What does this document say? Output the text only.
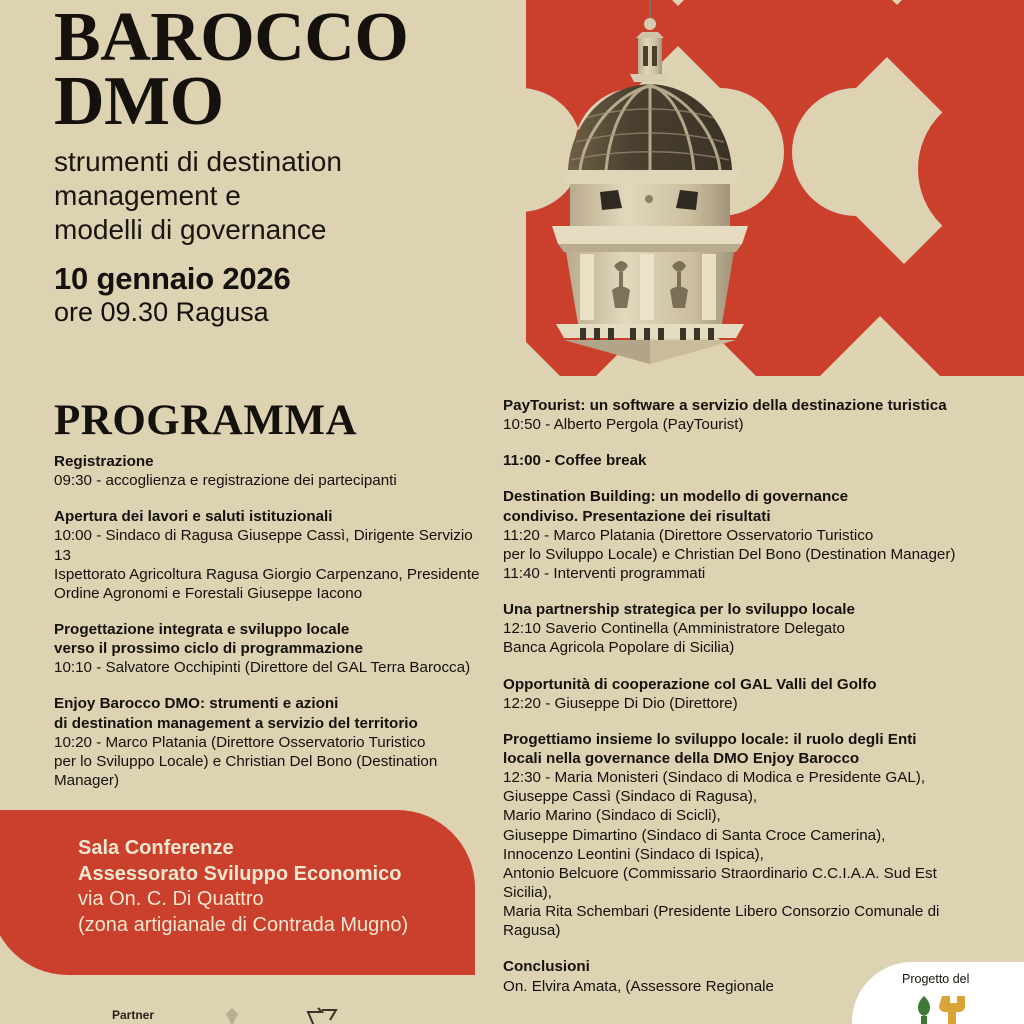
BAROCCO
DMO
strumenti di destination
management e
modelli di governance
10 gennaio 2026
ore 09.30 Ragusa
PROGRAMMA
Registrazione
09:30 - accoglienza e registrazione dei partecipanti
Apertura dei lavori e saluti istituzionali
10:00 - Sindaco di Ragusa Giuseppe Cassì, Dirigente Servizio 13
Ispettorato Agricoltura Ragusa Giorgio Carpenzano, Presidente
Ordine Agronomi e Forestali Giuseppe Iacono
Progettazione integrata e sviluppo locale
verso il prossimo ciclo di programmazione
10:10 - Salvatore Occhipinti (Direttore del GAL Terra Barocca)
Enjoy Barocco DMO: strumenti e azioni
di destination management a servizio del territorio
10:20 - Marco Platania (Direttore Osservatorio Turistico
per lo Sviluppo Locale) e Christian Del Bono (Destination Manager)
PayTourist: un software a servizio della destinazione turistica
10:50 - Alberto Pergola (PayTourist)
11:00 - Coffee break
Destination Building: un modello di governance
condiviso. Presentazione dei risultati
11:20 - Marco Platania (Direttore Osservatorio Turistico
per lo Sviluppo Locale) e Christian Del Bono (Destination Manager)
11:40 - Interventi programmati
Una partnership strategica per lo sviluppo locale
12:10 Saverio Continella (Amministratore Delegato
Banca Agricola Popolare di Sicilia)
Opportunità di cooperazione col GAL Valli del Golfo
12:20 - Giuseppe Di Dio (Direttore)
Progettiamo insieme lo sviluppo locale: il ruolo degli Enti
locali nella governance della DMO Enjoy Barocco
12:30 - Maria Monisteri (Sindaco di Modica e Presidente GAL),
Giuseppe Cassì (Sindaco di Ragusa),
Mario Marino (Sindaco di Scicli),
Giuseppe Dimartino (Sindaco di Santa Croce Camerina),
Innocenzo Leontini (Sindaco di Ispica),
Antonio Belcuore (Commissario Straordinario C.C.I.A.A. Sud Est Sicilia),
Maria Rita Schembari (Presidente Libero Consorzio Comunale di
Ragusa)
Conclusioni
On. Elvira Amata, (Assessore Regionale
Sala Conferenze
Assessorato Sviluppo Economico
via On. C. Di Quattro
(zona artigianale di Contrada Mugno)
Partner
Progetto del
